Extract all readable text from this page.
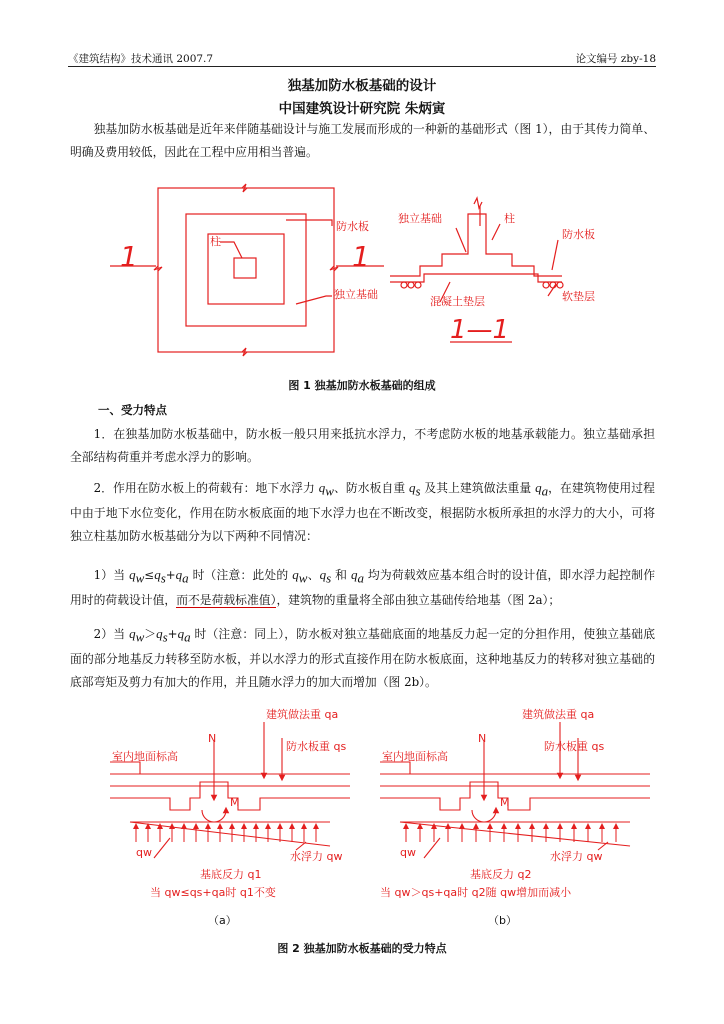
《建筑结构》技术通讯 2007.7	论文编号 zby-18
独基加防水板基础的设计
中国建筑设计研究院 朱炳寅
独基加防水板基础是近年来伴随基础设计与施工发展而形成的一种新的基础形式（图 1），由于其传力简单、明确及费用较低，因此在工程中应用相当普遍。
1	1
柱
防水板
独立基础
独立基础	柱
防水板
混凝土垫层	软垫层
1—1
图 1 独基加防水板基础的组成
一、受力特点
1．在独基加防水板基础中，防水板一般只用来抵抗水浮力，不考虑防水板的地基承载能力。独立基础承担全部结构荷重并考虑水浮力的影响。
2．作用在防水板上的荷载有：地下水浮力 $q_w$、防水板自重 $q_s$ 及其上建筑做法重量 $q_a$，在建筑物使用过程中由于地下水位变化，作用在防水板底面的地下水浮力也在不断改变，根据防水板所承担的水浮力的大小，可将独立柱基加防水板基础分为以下两种不同情况：
1）当 $q_w\le q_s+q_a$ 时（注意：此处的 $q_w$、$q_s$ 和 $q_a$ 均为荷载效应基本组合时的设计值，即水浮力起控制作用时的荷载设计值，而不是荷载标准值），建筑物的重量将全部由独立基础传给地基（图 2a）；
2）当 $q_w>q_s+q_a$ 时（注意：同上），防水板对独立基础底面的地基反力起一定的分担作用，使独立基础底面的部分地基反力转移至防水板，并以水浮力的形式直接作用在防水板底面，这种地基反力的转移对独立基础的底部弯矩及剪力有加大的作用，并且随水浮力的加大而增加（图 2b）。
建筑做法重 qa
防水板重 qs
室内地面标高
N
M
qw	水浮力 qw
基底反力 q1
当 qw≤qs+qa时 q1不变
（a）
建筑做法重 qa
防水板重 qs
室内地面标高
N
M
qw	水浮力 qw
基底反力 q2
当 qw＞qs+qa时 q2随 qw增加而减小
（b）
图 2 独基加防水板基础的受力特点
